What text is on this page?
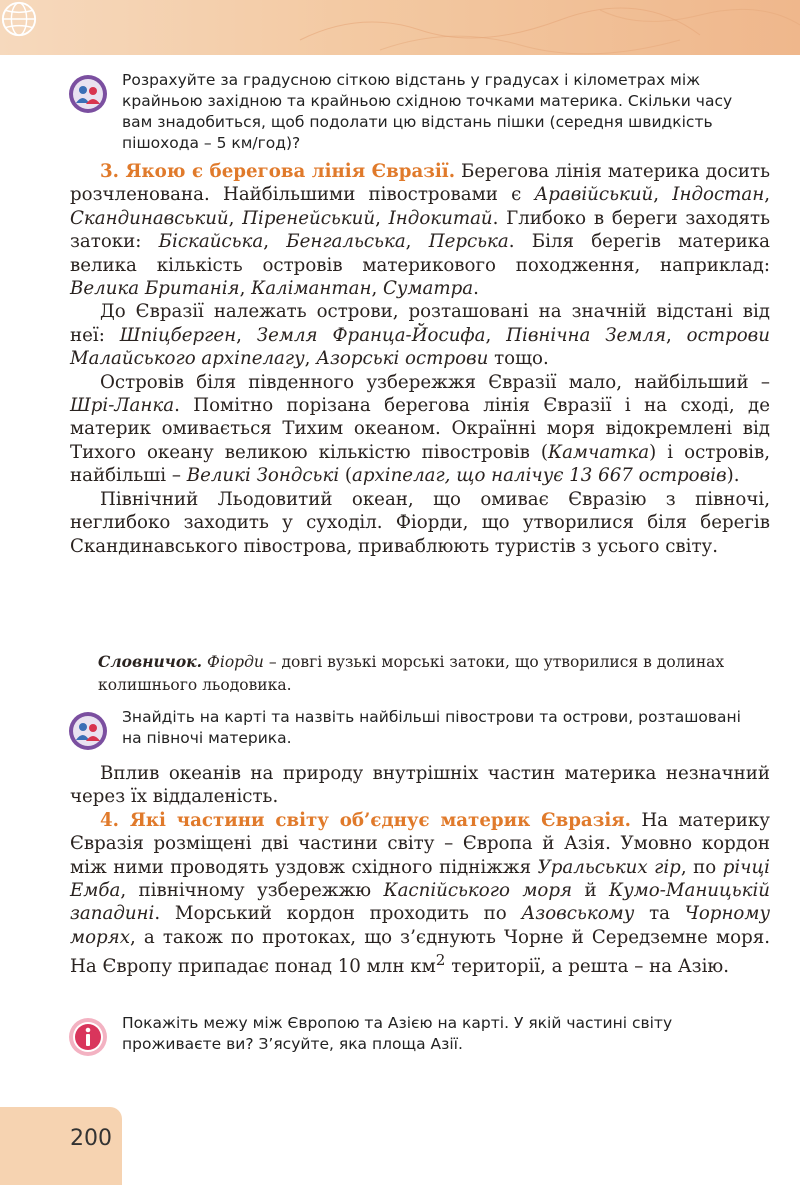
Розрахуйте за градусною сіткою відстань у градусах і кілометрах між крайньою західною та крайньою східною точками материка. Скільки часу вам знадобиться, щоб подолати цю відстань пішки (середня швидкість пішохода – 5 км/год)?

3. Якою є берегова лінія Євразії. Берегова лінія материка досить розчленована. Найбільшими півостровами є Аравійський, Індостан, Скандинавський, Піренейський, Індокитай. Глибоко в береги заходять затоки: Біскайська, Бенгальська, Перська. Біля берегів материка велика кількість островів материкового походження, наприклад: Велика Британія, Калімантан, Суматра.

До Євразії належать острови, розташовані на значній відстані від неї: Шпіцберген, Земля Франца-Йосифа, Північна Земля, острови Малайського архіпелагу, Азорські острови тощо.

Островів біля південного узбережжя Євразії мало, найбільший – Шрі-Ланка. Помітно порізана берегова лінія Євразії і на сході, де материк омивається Тихим океаном. Окраїнні моря відокремлені від Тихого океану великою кількістю півостровів (Камчатка) і островів, найбільші – Великі Зондські (архіпелаг, що налічує 13 667 островів).

Північний Льодовитий океан, що омиває Євразію з півночі, неглибоко заходить у суходіл. Фіорди, що утворилися біля берегів Скандинавського півострова, приваблюють туристів з усього світу.

Словничок. Фіорди – довгі вузькі морські затоки, що утворилися в долинах колишнього льодовика.
Знайдіть на карті та назвіть найбільші півострови та острови, розташовані на півночі материка.

Вплив океанів на природу внутрішніх частин материка незначний через їх віддаленість.

4. Які частини світу об’єднує материк Євразія. На материку Євразія розміщені дві частини світу – Європа й Азія. Умовно кордон між ними проводять уздовж східного підніжжя Уральських гір, по річці Емба, північному узбережжю Каспійського моря й Кумо-Маницькій западині. Морський кордон проходить по Азовському та Чорному морях, а також по протоках, що з’єднують Чорне й Середземне моря. На Європу припадає понад 10 млн $км^2$ території, а решта – на Азію.

Покажіть межу між Європою та Азією на карті. У якій частині світу проживаєте ви? З’ясуйте, яка площа Азії.
200
